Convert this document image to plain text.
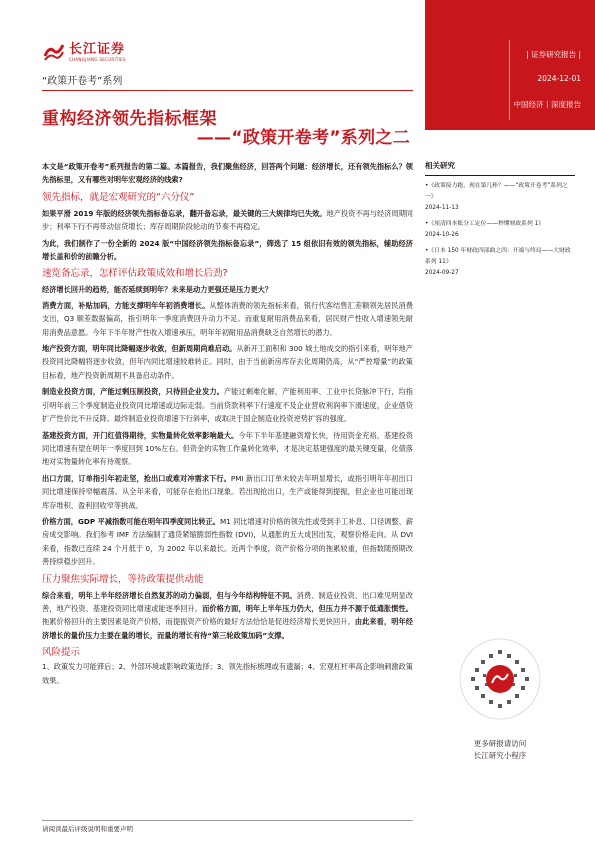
长江证券
CHANGJIANG SECURITIES
“政策开卷考”系列
重构经济领先指标框架
——“政策开卷考”系列之二
| 证券研究报告 |
2024-12-01
中国经济丨深度报告

本文是“政策开卷考”系列报告的第二篇。本篇报告，我们聚焦经济，回答两个问题：经济增长，还有领先指标么？领先指标里，又有哪些对明年宏观经济的线索?

领先指标，就是宏观研究的“六分仪”

如果平滑 2019 年版的经济领先指标备忘录，翻开备忘录，最关键的三大规律均已失效。地产投资不再与经济周期同步；利率下行不再带动信贷增长；库存周期阶段轮动的节奏不再稳定。

为此，我们制作了一份全新的 2024 版“中国经济领先指标备忘录”，筛选了 15 组依旧有效的领先指标，辅助经济增长盖和价的前瞻分析。

速览备忘录，怎样评估政策成效和增长后劲?
经济增长回升的趋势，能否延续到明年？未来是动力更强还是压力更大？

消费方面，补贴加码，方能支撑明年年初消费增长。从整体消费的领先指标来看，银行代客结售汇差额领先居民消费支出，Q3 顺差数据偏高，指引明年一季度消费回升动力不足。而重复耐用消费品来看，居民财产性收入增速领先耐用消费品意愿。今年下半年财产性收入增速承压，明年年初耐用品消费缺乏自然增长的潜力。

地产投资方面，明年同比降幅逐步收敛，但新周期尚难启动。从新开工面积和 300 城土地成交的指引来看，明年地产投资同比降幅将逐步收敛，但年内同比增速较难转正。同时，由于当前新房库存去化周期仍高，从“严控增量”的政策目标看，地产投资新周期不具备启动条件。

制造业投资方面，产能过剩压制投资，只待回企业发力。产能过剩难化解，产能利用率、工业中长贷脉冲下行，均指引明年前三个季度制造业投资同比增速或边际走弱。当前贷款利率下行速度不及企业营收利润率下滑速度，企业借贷扩产性价比不升反降。最终制造业投资增速下行斜率，或取决于国企制造业投资逆势扩容的强度。

基建投资方面，开门红值得期待，实物量转化效率影响最大。今年下半年基建融资增长快，待用资金充裕，基建投资同比增速有望在明年一季度回到 10%左右。但资金的实物工作量转化效率，才是决定基建强度的最关键变量，化债落地对实物量转化率有待观察。

出口方面，订单指引年初走坚，抢出口或难对冲需求下行。PMI 新出口订单未较去年明显增长，或指引明年年初出口同比增速保持窄幅震荡。从全年来看，可能存在抢出口现象。若出现抢出口，生产或能得到提振，但企业也可能出现库存堆积、盈利回收窄等挑战。

价格方面，GDP 平减指数可能在明年四季度同比转正。M1 同比增速对价格的领先性或受到手工补息、口径调整、薪房成交影响。我们参考 IMF 方法编制了通货紧缩脆弱性指数 (DVI)，从通胀的五大成因出发，观察价格走向。从 DVI 来看，指数已连续 24 个月低于 0，为 2002 年以来最长。近两个季度，资产价格分项的拖累较重，但指数随预期改善持续稳步回升。

压力聚焦实际增长，等待政策提供动能

综合来看，明年上半年经济增长自然复苏的动力偏弱，但与今年结构特征不同。消费、制造业投资、出口难见明显改善，地产投资、基建投资同比增速或能逐季回升。而价格方面，明年上半年压力仍大，但压力并不源于低通胀惯性。拖累价格回升的主要因素是资产价格，而提振资产价格的最好方法恰恰是促进经济增长更快回升。由此来看，明年经济增长的量价压力主要在量的增长，而量的增长有待“第三轮政策加码”支撑。

风险提示

1、政策发力可能滞后；2、外部环境或影响政策选择；3、领先指标梳理或有遗漏；4、宏观杠杆率高企影响刺激政策效果。

请阅读最后评级说明和重要声明
相关研究
•《政策接力跑，现在第几棒？——“政策开卷考”系列之一》
2024-11-13
•《厘清四本账分工定位——秒懂财政系列 1》
2024-10-26
•《日本 150 年财政四部曲之四：开端与终局——大财政系列 11》
2024-09-27
更多研报请访问
长江研究小程序
